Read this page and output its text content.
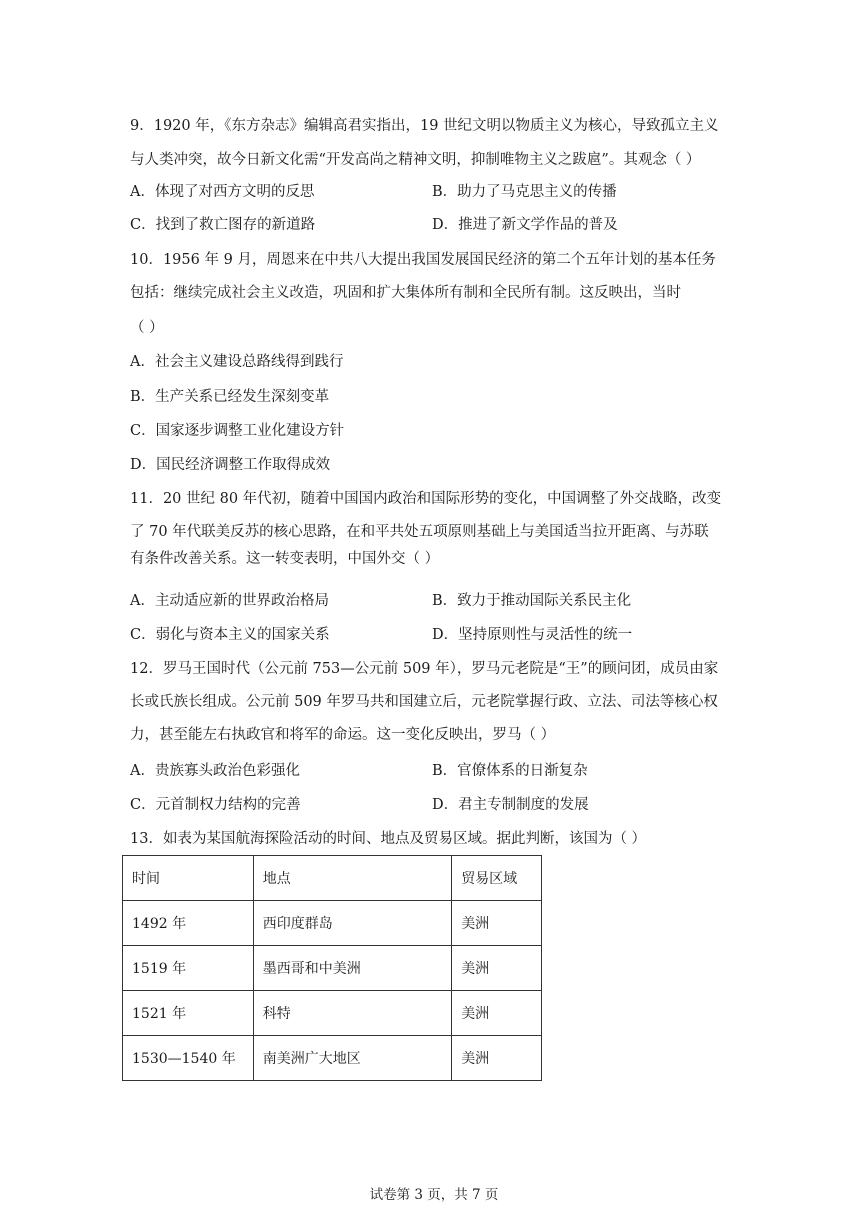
9．1920 年，《东方杂志》编辑高君实指出，19 世纪文明以物质主义为核心，导致孤立主义
与人类冲突，故今日新文化需“开发高尚之精神文明，抑制唯物主义之跋扈”。其观念（ ）
A．体现了对西方文明的反思	B．助力了马克思主义的传播
C．找到了救亡图存的新道路	D．推进了新文学作品的普及
10．1956 年 9 月，周恩来在中共八大提出我国发展国民经济的第二个五年计划的基本任务
包括：继续完成社会主义改造，巩固和扩大集体所有制和全民所有制。这反映出，当时
（ ）
A．社会主义建设总路线得到践行
B．生产关系已经发生深刻变革
C．国家逐步调整工业化建设方针
D．国民经济调整工作取得成效
11．20 世纪 80 年代初，随着中国国内政治和国际形势的变化，中国调整了外交战略，改变
了 70 年代联美反苏的核心思路，在和平共处五项原则基础上与美国适当拉开距离、与苏联
有条件改善关系。这一转变表明，中国外交（ ）
A．主动适应新的世界政治格局	B．致力于推动国际关系民主化
C．弱化与资本主义的国家关系	D．坚持原则性与灵活性的统一
12．罗马王国时代（公元前 753—公元前 509 年），罗马元老院是“王”的顾问团，成员由家
长或氏族长组成。公元前 509 年罗马共和国建立后，元老院掌握行政、立法、司法等核心权
力，甚至能左右执政官和将军的命运。这一变化反映出，罗马（ ）
A．贵族寡头政治色彩强化	B．官僚体系的日渐复杂
C．元首制权力结构的完善	D．君主专制制度的发展
13．如表为某国航海探险活动的时间、地点及贸易区域。据此判断，该国为（ ）
时间	地点	贸易区域
1492 年	西印度群岛	美洲
1519 年	墨西哥和中美洲	美洲
1521 年	科特	美洲
1530—1540 年	南美洲广大地区	美洲
试卷第 3 页，共 7 页
